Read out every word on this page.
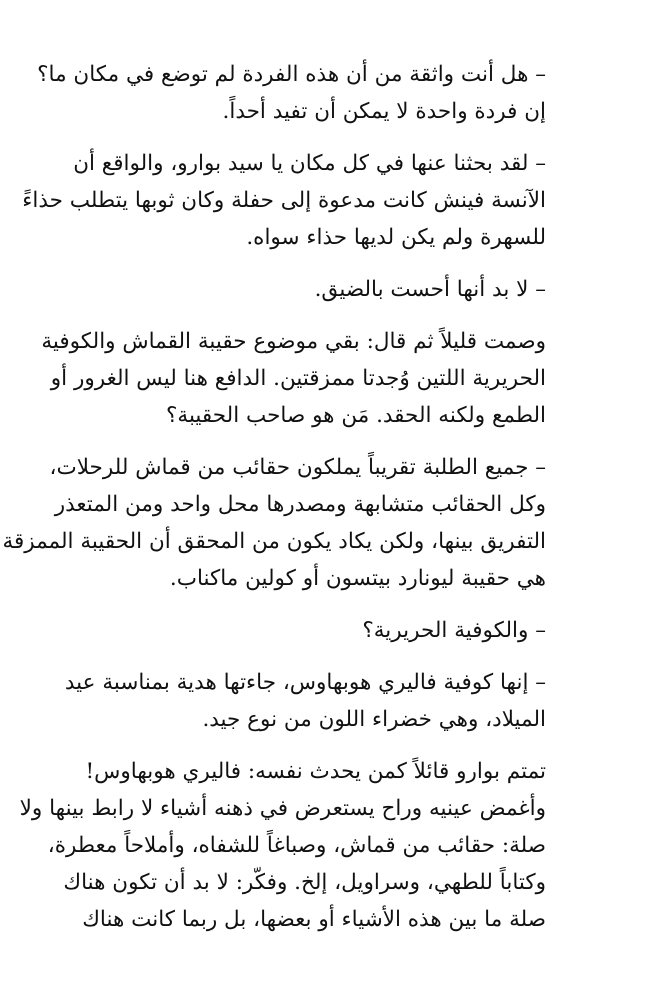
– هل أنت واثقة من أن هذه الفردة لم توضع في مكان ما؟
إن فردة واحدة لا يمكن أن تفيد أحداً.

– لقد بحثنا عنها في كل مكان يا سيد بوارو، والواقع أن
الآنسة فينش كانت مدعوة إلى حفلة وكان ثوبها يتطلب حذاءً
للسهرة ولم يكن لديها حذاء سواه.

– لا بد أنها أحست بالضيق.

وصمت قليلاً ثم قال: بقي موضوع حقيبة القماش والكوفية
الحريرية اللتين وُجدتا ممزقتين. الدافع هنا ليس الغرور أو
الطمع ولكنه الحقد. مَن هو صاحب الحقيبة؟

– جميع الطلبة تقريباً يملكون حقائب من قماش للرحلات،
وكل الحقائب متشابهة ومصدرها محل واحد ومن المتعذر
التفريق بينها، ولكن يكاد يكون من المحقق أن الحقيبة الممزقة
هي حقيبة ليونارد بيتسون أو كولين ماكناب.

– والكوفية الحريرية؟

– إنها كوفية فاليري هوبهاوس، جاءتها هدية بمناسبة عيد
الميلاد، وهي خضراء اللون من نوع جيد.

تمتم بوارو قائلاً كمن يحدث نفسه: فاليري هوبهاوس!
وأغمض عينيه وراح يستعرض في ذهنه أشياء لا رابط بينها ولا
صلة: حقائب من قماش، وصباغاً للشفاه، وأملاحاً معطرة،
وكتاباً للطهي، وسراويل، إلخ. وفكّر: لا بد أن تكون هناك
صلة ما بين هذه الأشياء أو بعضها، بل ربما كانت هناك
